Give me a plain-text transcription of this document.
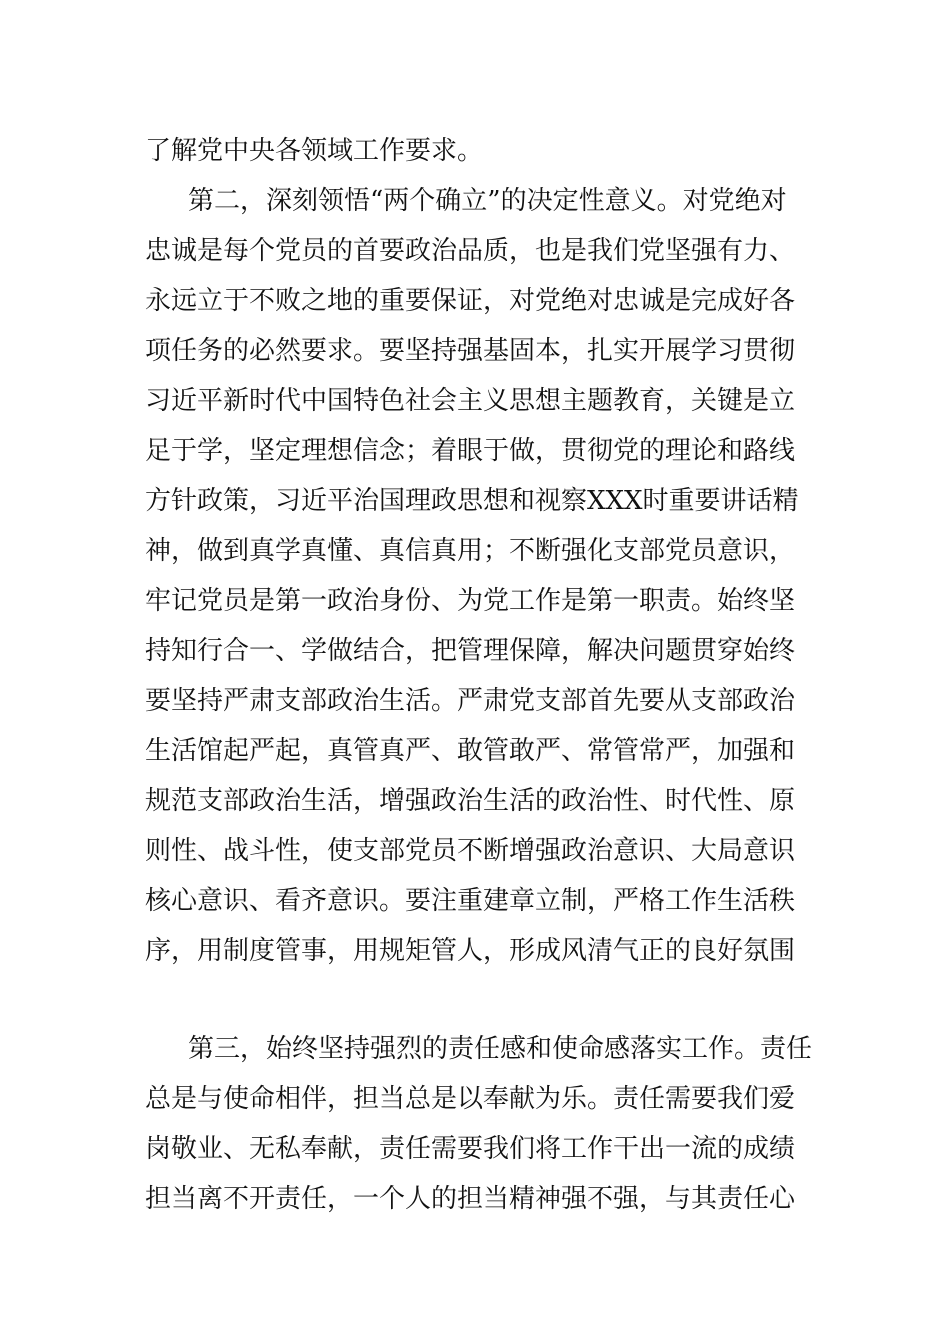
了解党中央各领域工作要求。
第二，深刻领悟“两个确立”的决定性意义。对党绝对
忠诚是每个党员的首要政治品质，也是我们党坚强有力、
永远立于不败之地的重要保证，对党绝对忠诚是完成好各
项任务的必然要求。要坚持强基固本，扎实开展学习贯彻
习近平新时代中国特色社会主义思想主题教育，关键是立
足于学，坚定理想信念；着眼于做，贯彻党的理论和路线
方针政策，习近平治国理政思想和视察XXX时重要讲话精
神，做到真学真懂、真信真用；不断强化支部党员意识，
牢记党员是第一政治身份、为党工作是第一职责。始终坚
持知行合一、学做结合，把管理保障，解决问题贯穿始终
要坚持严肃支部政治生活。严肃党支部首先要从支部政治
生活馆起严起，真管真严、敢管敢严、常管常严，加强和
规范支部政治生活，增强政治生活的政治性、时代性、原
则性、战斗性，使支部党员不断增强政治意识、大局意识
核心意识、看齐意识。要注重建章立制，严格工作生活秩
序，用制度管事，用规矩管人，形成风清气正的良好氛围
第三，始终坚持强烈的责任感和使命感落实工作。责任
总是与使命相伴，担当总是以奉献为乐。责任需要我们爱
岗敬业、无私奉献，责任需要我们将工作干出一流的成绩
担当离不开责任，一个人的担当精神强不强，与其责任心
